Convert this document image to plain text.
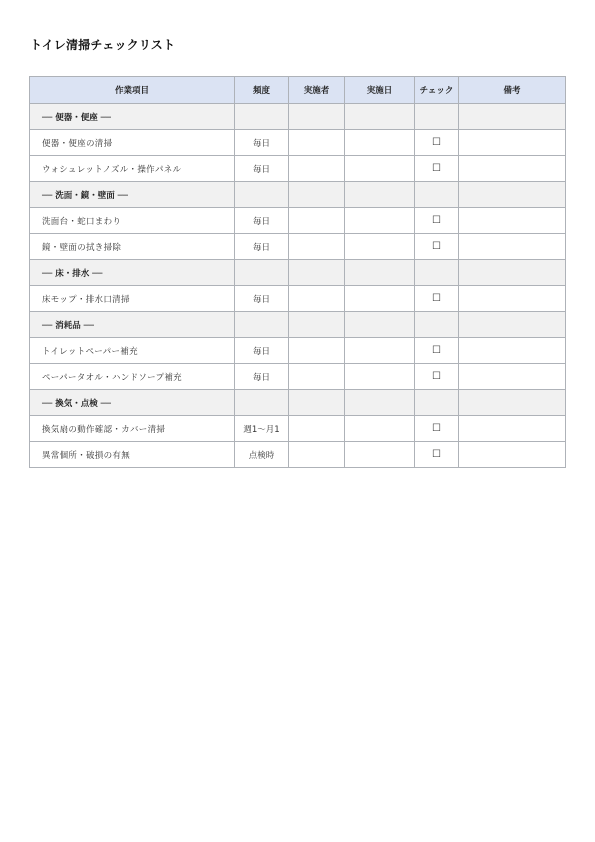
トイレ清掃チェックリスト
作業項目	頻度	実施者	実施日	チェック	備考
── 便器・便座 ──					
便器・便座の清掃	毎日			☐	
ウォシュレットノズル・操作パネル	毎日			☐	
── 洗面・鏡・壁面 ──					
洗面台・蛇口まわり	毎日			☐	
鏡・壁面の拭き掃除	毎日			☐	
── 床・排水 ──					
床モップ・排水口清掃	毎日			☐	
── 消耗品 ──					
トイレットペーパー補充	毎日			☐	
ペーパータオル・ハンドソープ補充	毎日			☐	
── 換気・点検 ──					
換気扇の動作確認・カバー清掃	週1〜月1			☐	
異常個所・破損の有無	点検時			☐	
